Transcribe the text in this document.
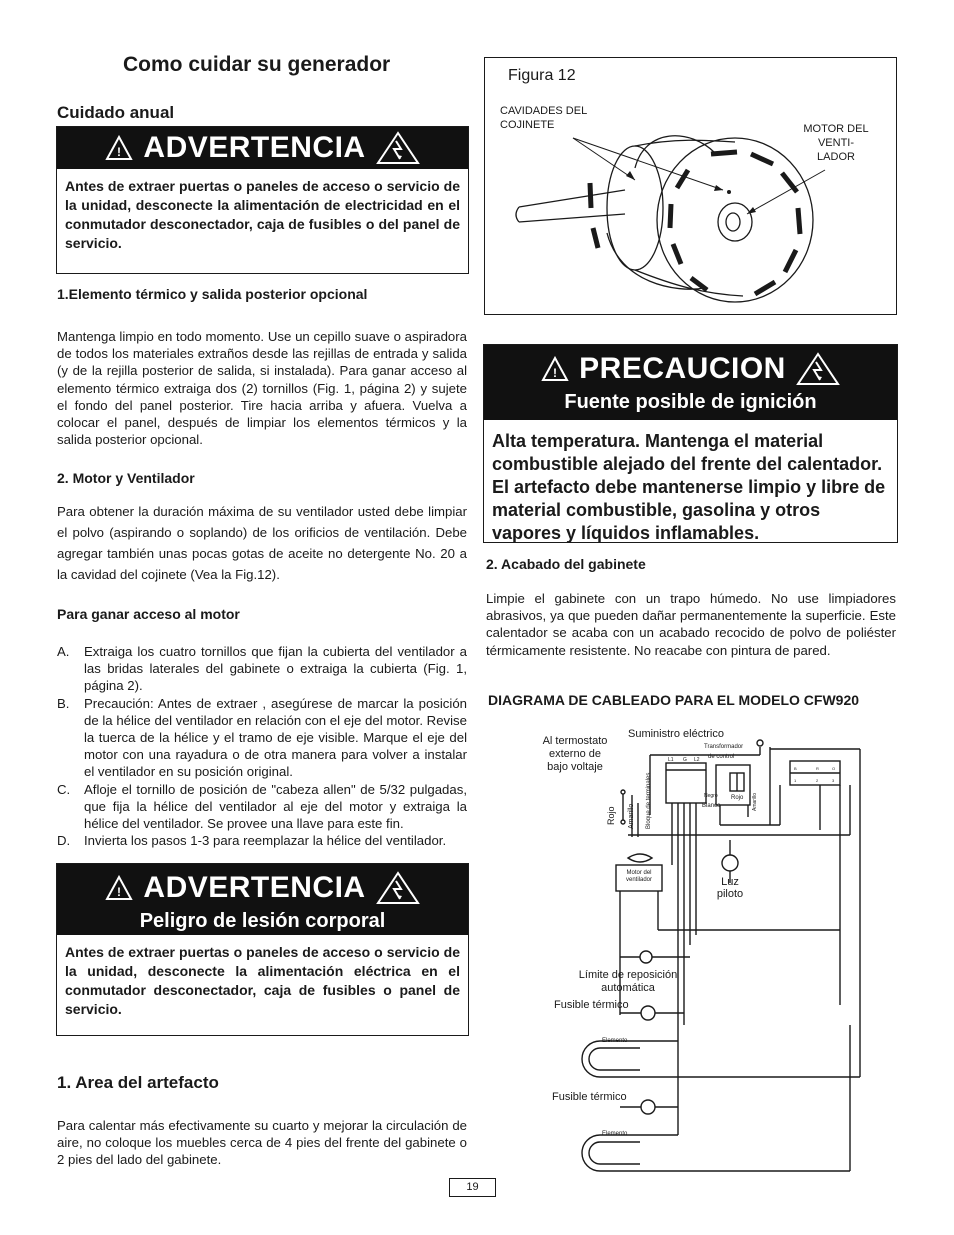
Como cuidar su generador
Cuidado anual
! ADVERTENCIA
Antes de extraer puertas o paneles de acceso o servicio de la unidad, desconecte la alimentación de electricidad en el conmutador desconectador, caja de fusibles o del panel de servicio.
1.Elemento térmico y salida posterior opcional
Mantenga limpio en todo momento. Use un cepillo suave o aspiradora de todos los materiales extraños desde las rejillas de entrada y salida (y de la rejilla posterior de salida, si instalada). Para ganar acceso al elemento térmico extraiga dos (2) tornillos (Fig. 1, página 2) y sujete el fondo del panel posterior. Tire hacia arriba y afuera. Vuelva a colocar el panel, después de limpiar los elementos térmicos y la salida posterior opcional.
2. Motor y Ventilador
Para obtener la duración máxima de su ventilador usted debe limpiar el polvo (aspirando o soplando) de los orificios de ventilación. Debe agregar también unas pocas gotas de aceite no detergente No. 20 a la cavidad del cojinete (Vea la Fig.12).
Para ganar acceso al motor
A. Extraiga los cuatro tornillos que fijan la cubierta del ventilador a las bridas laterales del gabinete o extraiga la cubierta (Fig. 1, página 2).
B. Precaución: Antes de extraer , asegúrese de marcar la posición de la hélice del ventilador en relación con el eje del motor. Revise la tuerca de la hélice y el tramo de eje visible. Marque el eje del motor con una rayadura o de otra manera para volver a instalar el ventilador en su posición original.
C. Afloje el tornillo de posición de "cabeza allen" de 5/32 pulgadas, que fija la hélice del ventilador al eje del motor y extraiga la hélice del ventilador. Se provee una llave para este fin.
D. Invierta los pasos 1-3 para reemplazar la hélice del ventilador.
! ADVERTENCIA
Peligro de lesión corporal
Antes de extraer puertas o paneles de acceso o servicio de la unidad, desconecte la alimentación eléctrica en el conmutador desconectador, caja de fusibles o panel de servicio.
1. Area del artefacto
Para calentar más efectivamente su cuarto y mejorar la circulación de aire, no coloque los muebles cerca de 4 pies del frente del gabinete o 2 pies del lado del gabinete.
19
Figura 12
CAVIDADES DEL
COJINETE	MOTOR DEL
VENTI-
LADOR
! PRECAUCION
Fuente posible de ignición
Alta temperatura. Mantenga el material combustible alejado del frente del calentador. El artefacto debe mantenerse limpio y libre de material combustible, gasolina y otros vapores y líquidos inflamables.
2. Acabado del gabinete
Limpie el gabinete con un trapo húmedo. No use limpiadores abrasivos, ya que pueden dañar permanentemente la superficie. Este calentador se acaba con un acabado recocido de polvo de poliéster térmicamente resistente. No reacabe con pintura de pared.
DIAGRAMA DE CABLEADO PARA EL MODELO CFW920
Al termostato
externo de
bajo voltaje
Suministro eléctrico
Transformador
de control
Rojo Amarillo Bloque de terminales	Negro
Blanco
Rojo Amarillo
L1 G L2
Motor del
ventilador	Luz
piloto
Límite de reposición
automática
Fusible térmico
Elemento
Fusible térmico
Elemento
B	R	O
1	2	3
